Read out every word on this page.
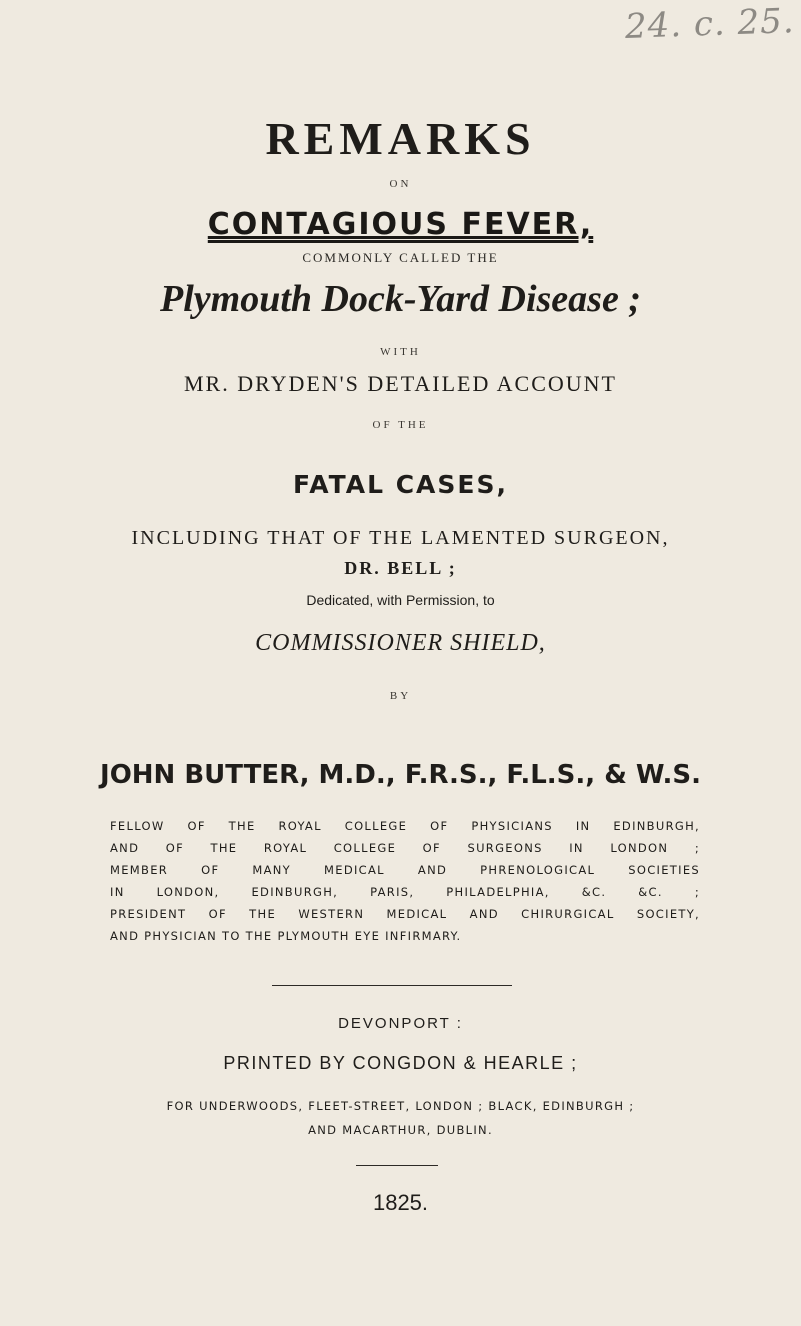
24. c. 25.
REMARKS
ON
CONTAGIOUS FEVER,
COMMONLY CALLED THE
Plymouth Dock-Yard Disease ;
WITH
MR. DRYDEN'S DETAILED ACCOUNT
OF THE
FATAL CASES,
INCLUDING THAT OF THE LAMENTED SURGEON,
DR. BELL ;
Dedicated, with Permission, to
COMMISSIONER SHIELD,
BY
JOHN BUTTER, M.D., F.R.S., F.L.S., & W.S.
FELLOW OF THE ROYAL COLLEGE OF PHYSICIANS IN EDINBURGH,
AND OF THE ROYAL COLLEGE OF SURGEONS IN LONDON ;
MEMBER OF MANY MEDICAL AND PHRENOLOGICAL SOCIETIES
IN LONDON, EDINBURGH, PARIS, PHILADELPHIA, &C. &C. ;
PRESIDENT OF THE WESTERN MEDICAL AND CHIRURGICAL SOCIETY,
AND PHYSICIAN TO THE PLYMOUTH EYE INFIRMARY.
DEVONPORT :
PRINTED BY CONGDON & HEARLE ;
FOR UNDERWOODS, FLEET-STREET, LONDON ; BLACK, EDINBURGH ;
AND MACARTHUR, DUBLIN.
1825.
